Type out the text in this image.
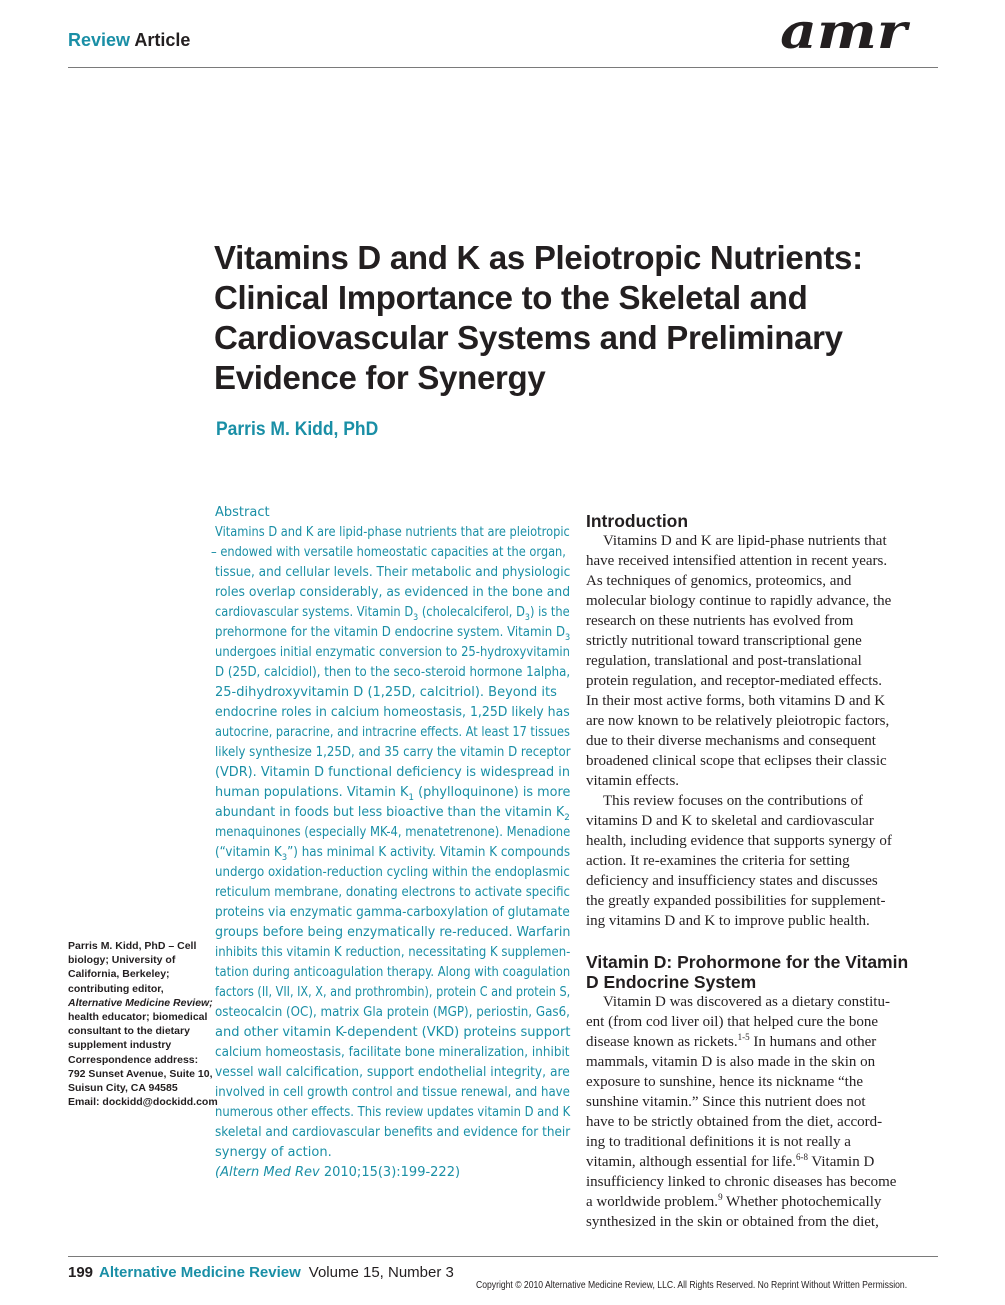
Review Article	amr
Vitamins D and K as Pleiotropic Nutrients:
Clinical Importance to the Skeletal and
Cardiovascular Systems and Preliminary
Evidence for Synergy
Parris M. Kidd, PhD
Abstract
Vitamins D and K are lipid-phase nutrients that are pleiotropic
– endowed with versatile homeostatic capacities at the organ,
tissue, and cellular levels. Their metabolic and physiologic
roles overlap considerably, as evidenced in the bone and
cardiovascular systems. Vitamin $D_3$ (cholecalciferol, $D_3$) is the
prehormone for the vitamin D endocrine system. Vitamin $D_3$
undergoes initial enzymatic conversion to 25-hydroxyvitamin
D (25D, calcidiol), then to the seco-steroid hormone 1alpha,
25-dihydroxyvitamin D (1,25D, calcitriol). Beyond its
endocrine roles in calcium homeostasis, 1,25D likely has
autocrine, paracrine, and intracrine effects. At least 17 tissues
likely synthesize 1,25D, and 35 carry the vitamin D receptor
(VDR). Vitamin D functional deficiency is widespread in
human populations. Vitamin $K_1$ (phylloquinone) is more
abundant in foods but less bioactive than the vitamin $K_2$
menaquinones (especially MK-4, menatetrenone). Menadione
(“vitamin $K_3$”) has minimal K activity. Vitamin K compounds
undergo oxidation-reduction cycling within the endoplasmic
reticulum membrane, donating electrons to activate specific
proteins via enzymatic gamma-carboxylation of glutamate
groups before being enzymatically re-reduced. Warfarin
inhibits this vitamin K reduction, necessitating K supplemen-
tation during anticoagulation therapy. Along with coagulation
factors (II, VII, IX, X, and prothrombin), protein C and protein S,
osteocalcin (OC), matrix Gla protein (MGP), periostin, Gas6,
and other vitamin K-dependent (VKD) proteins support
calcium homeostasis, facilitate bone mineralization, inhibit
vessel wall calcification, support endothelial integrity, are
involved in cell growth control and tissue renewal, and have
numerous other effects. This review updates vitamin D and K
skeletal and cardiovascular benefits and evidence for their
synergy of action.
(Altern Med Rev 2010;15(3):199-222)
Parris M. Kidd, PhD – Cell
biology; University of
California, Berkeley;
contributing editor,
Alternative Medicine Review;
health educator; biomedical
consultant to the dietary
supplement industry
Correspondence address:
792 Sunset Avenue, Suite 10,
Suisun City, CA 94585
Email: dockidd@dockidd.com
Introduction
Vitamins D and K are lipid-phase nutrients that
have received intensified attention in recent years.
As techniques of genomics, proteomics, and
molecular biology continue to rapidly advance, the
research on these nutrients has evolved from
strictly nutritional toward transcriptional gene
regulation, translational and post-translational
protein regulation, and receptor-mediated effects.
In their most active forms, both vitamins D and K
are now known to be relatively pleiotropic factors,
due to their diverse mechanisms and consequent
broadened clinical scope that eclipses their classic
vitamin effects.
This review focuses on the contributions of
vitamins D and K to skeletal and cardiovascular
health, including evidence that supports synergy of
action. It re-examines the criteria for setting
deficiency and insufficiency states and discusses
the greatly expanded possibilities for supplement-
ing vitamins D and K to improve public health.
Vitamin D: Prohormone for the Vitamin
D Endocrine System
Vitamin D was discovered as a dietary constitu-
ent (from cod liver oil) that helped cure the bone
disease known as rickets.$^{1-5}$ In humans and other
mammals, vitamin D is also made in the skin on
exposure to sunshine, hence its nickname “the
sunshine vitamin.” Since this nutrient does not
have to be strictly obtained from the diet, accord-
ing to traditional definitions it is not really a
vitamin, although essential for life.$^{6-8}$ Vitamin D
insufficiency linked to chronic diseases has become
a worldwide problem.$^9$ Whether photochemically
synthesized in the skin or obtained from the diet,
199 Alternative Medicine Review Volume 15, Number 3
Copyright © 2010 Alternative Medicine Review, LLC. All Rights Reserved. No Reprint Without Written Permission.
